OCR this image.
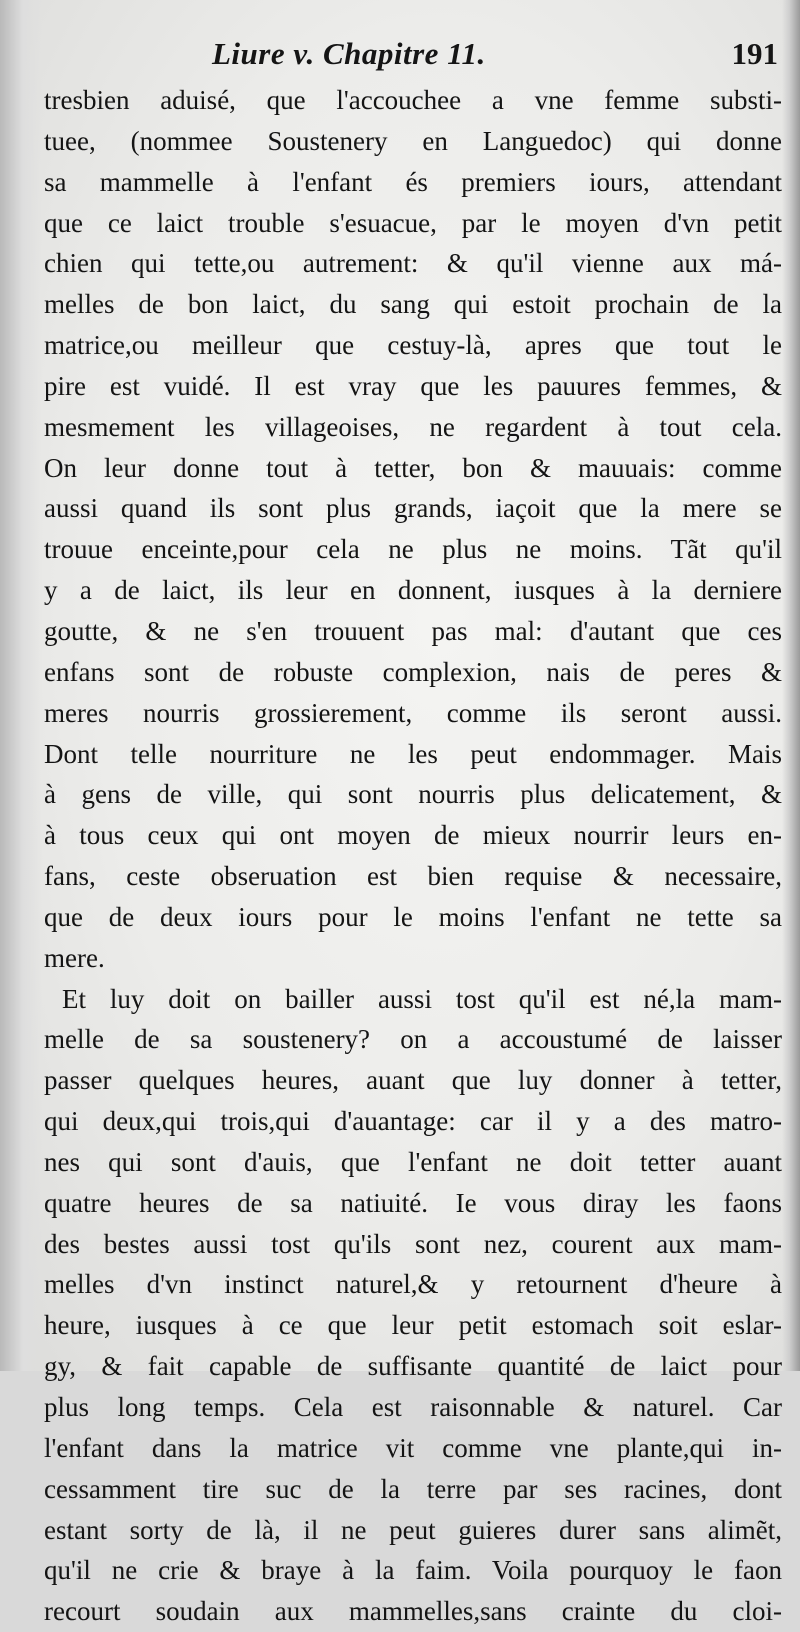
Liure v. Chapitre 11.	191
tresbien aduisé, que l'accouchee a vne femme substi-
tuee, (nommee Soustenery en Languedoc) qui donne
sa mammelle à l'enfant és premiers iours, attendant
que ce laict trouble s'esuacue, par le moyen d'vn petit
chien qui tette,ou autrement: & qu'il vienne aux má-
melles de bon laict, du sang qui estoit prochain de la
matrice,ou meilleur que cestuy-là, apres que tout le
pire est vuidé. Il est vray que les pauures femmes, &
mesmement les villageoises, ne regardent à tout cela.
On leur donne tout à tetter, bon & mauuais: comme
aussi quand ils sont plus grands, iaçoit que la mere se
trouue enceinte,pour cela ne plus ne moins. Tãt qu'il
y a de laict, ils leur en donnent, iusques à la derniere
goutte, & ne s'en trouuent pas mal: d'autant que ces
enfans sont de robuste complexion, nais de peres &
meres nourris grossierement, comme ils seront aussi.
Dont telle nourriture ne les peut endommager. Mais
à gens de ville, qui sont nourris plus delicatement, &
à tous ceux qui ont moyen de mieux nourrir leurs en-
fans, ceste obseruation est bien requise & necessaire,
que de deux iours pour le moins l'enfant ne tette sa
mere.
Et luy doit on bailler aussi tost qu'il est né,la mam-
melle de sa soustenery? on a accoustumé de laisser
passer quelques heures, auant que luy donner à tetter,
qui deux,qui trois,qui d'auantage: car il y a des matro-
nes qui sont d'auis, que l'enfant ne doit tetter auant
quatre heures de sa natiuité. Ie vous diray les faons
des bestes aussi tost qu'ils sont nez, courent aux mam-
melles d'vn instinct naturel,& y retournent d'heure à
heure, iusques à ce que leur petit estomach soit eslar-
gy, & fait capable de suffisante quantité de laict pour
plus long temps. Cela est raisonnable & naturel. Car
l'enfant dans la matrice vit comme vne plante,qui in-
cessamment tire suc de la terre par ses racines, dont
estant sorty de là, il ne peut guieres durer sans alimẽt,
qu'il ne crie & braye à la faim. Voila pourquoy le faon
recourt soudain aux mammelles,sans crainte du cloi-
